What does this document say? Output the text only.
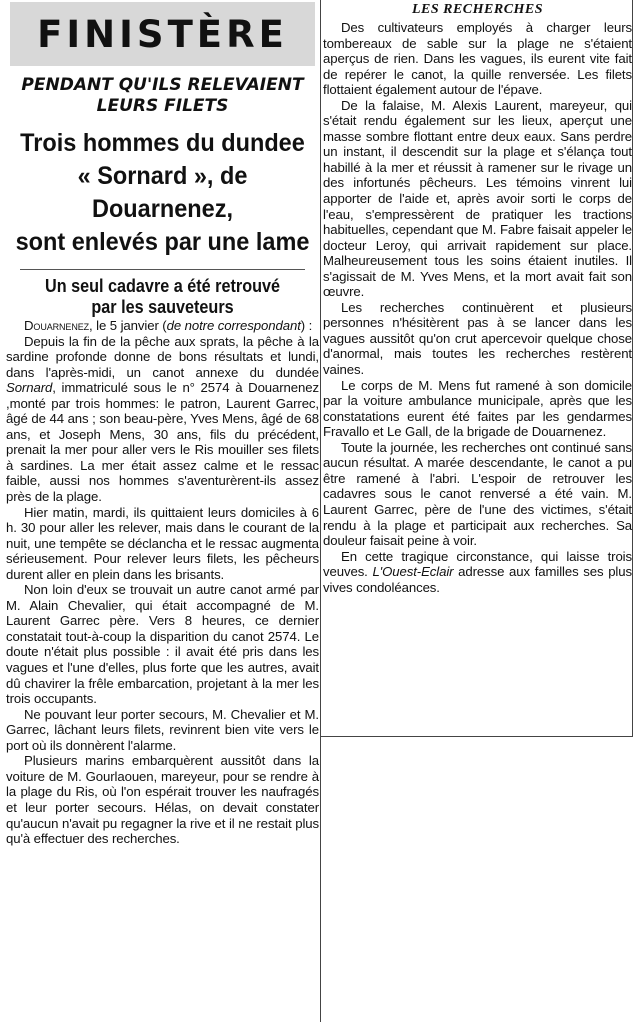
FINISTÈRE
PENDANT QU'ILS RELEVAIENT
LEURS FILETS
Trois hommes du dundee
« Sornard », de Douarnenez,
sont enlevés par une lame
Un seul cadavre a été retrouvé
par les sauveteurs

Douarnenez, le 5 janvier (de notre correspondant) :

Depuis la fin de la pêche aux sprats, la pêche à la sardine profonde donne de bons résultats et lundi, dans l'après-midi, un canot annexe du dundée Sornard, immatriculé sous le n° 2574 à Douarnenez ,monté par trois hommes: le patron, Laurent Garrec, âgé de 44 ans ; son beau-père, Yves Mens, âgé de 68 ans, et Joseph Mens, 30 ans, fils du précédent, prenait la mer pour aller vers le Ris mouiller ses filets à sardines. La mer était assez calme et le ressac faible, aussi nos hommes s'aventurèrent-ils assez près de la plage.

Hier matin, mardi, ils quittaient leurs domiciles à 6 h. 30 pour aller les relever, mais dans le courant de la nuit, une tempête se déclancha et le ressac augmenta sérieusement. Pour relever leurs filets, les pêcheurs durent aller en plein dans les brisants.

Non loin d'eux se trouvait un autre canot armé par M. Alain Chevalier, qui était accompagné de M. Laurent Garrec père. Vers 8 heures, ce dernier constatait tout-à-coup la disparition du canot 2574. Le doute n'était plus possible : il avait été pris dans les vagues et l'une d'elles, plus forte que les autres, avait dû chavirer la frêle embarcation, projetant à la mer les trois occupants.

Ne pouvant leur porter secours, M. Chevalier et M. Garrec, lâchant leurs filets, revinrent bien vite vers le port où ils donnèrent l'alarme.

Plusieurs marins embarquèrent aussitôt dans la voiture de M. Gourlaouen, mareyeur, pour se rendre à la plage du Ris, où l'on espérait trouver les naufragés et leur porter secours. Hélas, on devait constater qu'aucun n'avait pu regagner la rive et il ne restait plus qu'à effectuer des recherches.

LES RECHERCHES

Des cultivateurs employés à charger leurs tombereaux de sable sur la plage ne s'étaient aperçus de rien. Dans les vagues, ils eurent vite fait de repérer le canot, la quille renversée. Les filets flottaient également autour de l'épave.

De la falaise, M. Alexis Laurent, mareyeur, qui s'était rendu également sur les lieux, aperçut une masse sombre flottant entre deux eaux. Sans perdre un instant, il descendit sur la plage et s'élança tout habillé à la mer et réussit à ramener sur le rivage un des infortunés pêcheurs. Les témoins vinrent lui apporter de l'aide et, après avoir sorti le corps de l'eau, s'empressèrent de pratiquer les tractions habituelles, cependant que M. Fabre faisait appeler le docteur Leroy, qui arrivait rapidement sur place. Malheureusement tous les soins étaient inutiles. Il s'agissait de M. Yves Mens, et la mort avait fait son œuvre.

Les recherches continuèrent et plusieurs personnes n'hésitèrent pas à se lancer dans les vagues aussitôt qu'on crut apercevoir quelque chose d'anormal, mais toutes les recherches restèrent vaines.

Le corps de M. Mens fut ramené à son domicile par la voiture ambulance municipale, après que les constatations eurent été faites par les gendarmes Fravallo et Le Gall, de la brigade de Douarnenez.

Toute la journée, les recherches ont continué sans aucun résultat. A marée descendante, le canot a pu être ramené à l'abri. L'espoir de retrouver les cadavres sous le canot renversé a été vain. M. Laurent Garrec, père de l'une des victimes, s'était rendu à la plage et participait aux recherches. Sa douleur faisait peine à voir.

En cette tragique circonstance, qui laisse trois veuves. L'Ouest-Eclair adresse aux familles ses plus vives condoléances.
